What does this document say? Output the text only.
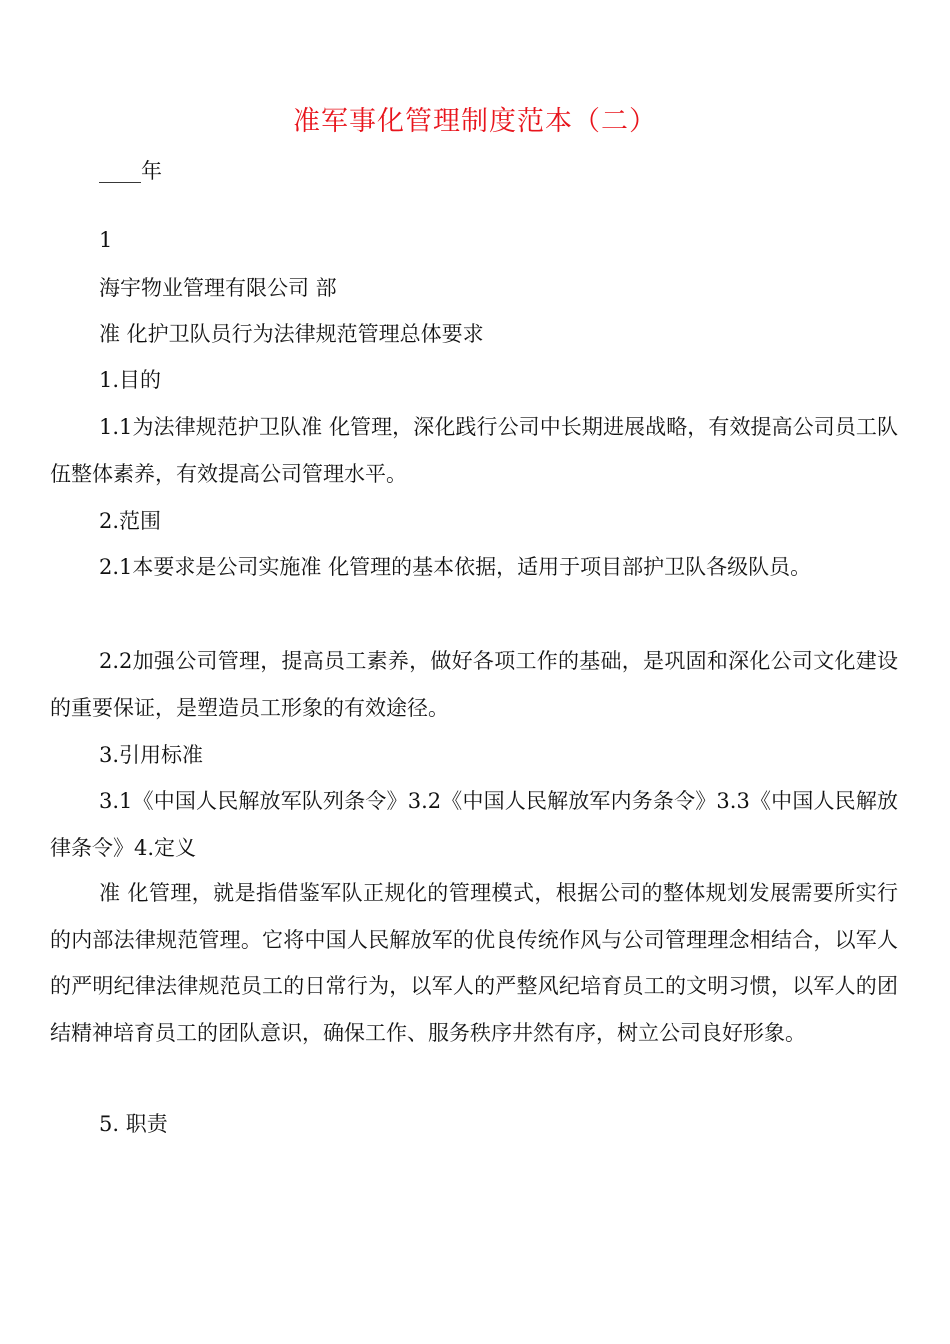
准军事化管理制度范本（二）
____年
1
海宇物业管理有限公司 部
准 化护卫队员行为法律规范管理总体要求
1.目的
1.1为法律规范护卫队准 化管理，深化践行公司中长期进展战略，有效提高公司员工队伍整体素养，有效提高公司管理水平。
2.范围
2.1本要求是公司实施准 化管理的基本依据，适用于项目部护卫队各级队员。
2.2加强公司管理，提高员工素养，做好各项工作的基础，是巩固和深化公司文化建设的重要保证，是塑造员工形象的有效途径。
3.引用标准
3.1《中国人民解放军队列条令》3.2《中国人民解放军内务条令》3.3《中国人民解放 律条令》4.定义
准 化管理，就是指借鉴军队正规化的管理模式，根据公司的整体规划发展需要所实行的内部法律规范管理。它将中国人民解放军的优良传统作风与公司管理理念相结合，以军人的严明纪律法律规范员工的日常行为，以军人的严整风纪培育员工的文明习惯，以军人的团结精神培育员工的团队意识，确保工作、服务秩序井然有序，树立公司良好形象。
5. 职责
